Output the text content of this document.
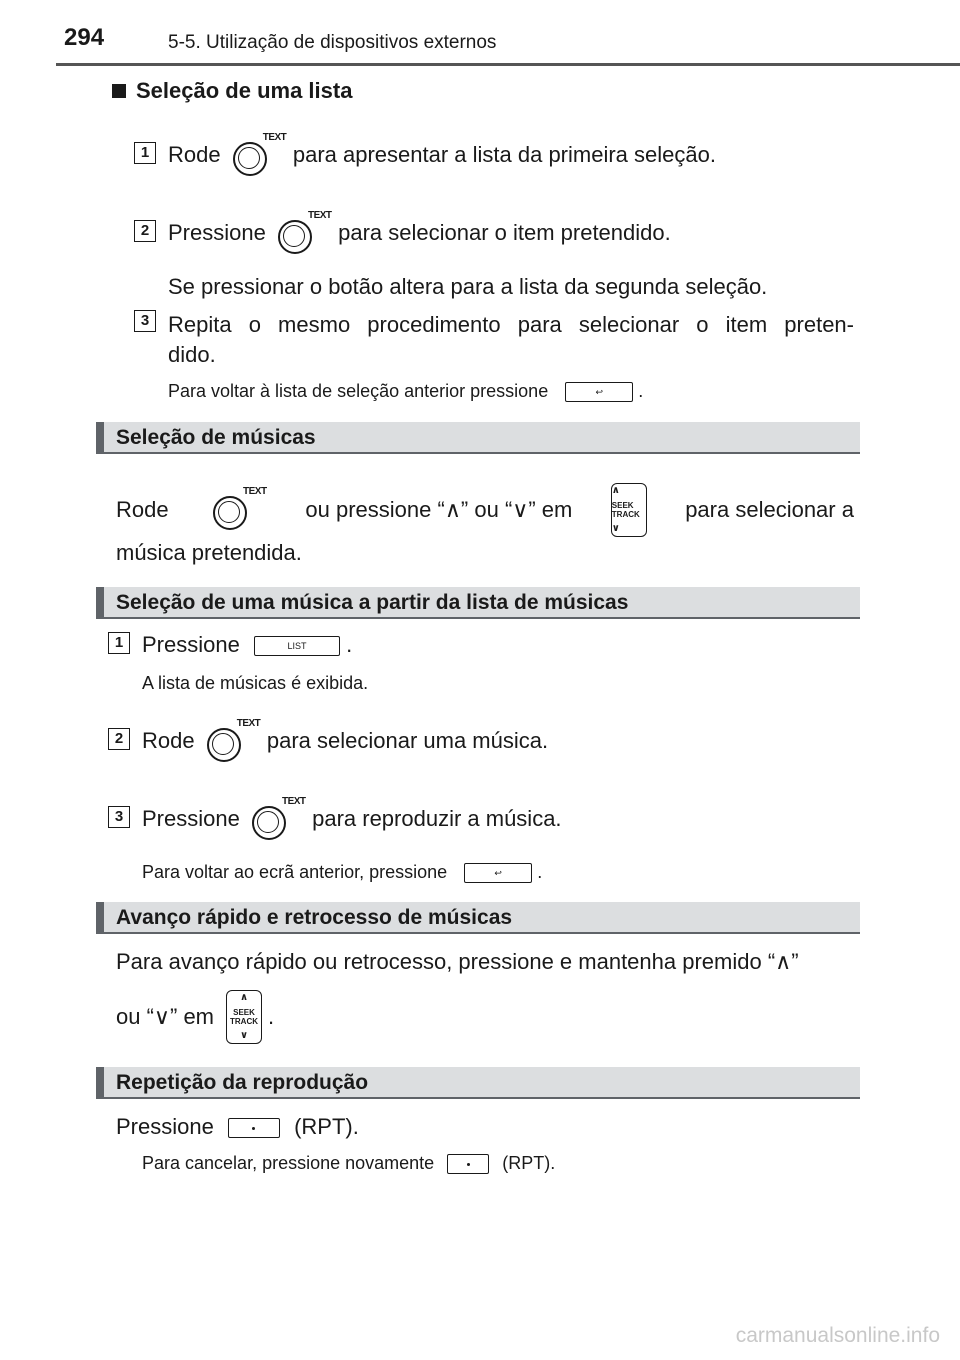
294	5-5. Utilização de dispositivos externos
Seleção de uma lista
1 Rode
TEXT
para apresentar a lista da primeira seleção.
2 Pressione
TEXT
para selecionar o item pretendido.
Se pressionar o botão altera para a lista da segunda seleção.
3 Repita o mesmo procedimento para selecionar o item preten-
dido.
Para voltar à lista de seleção anterior pressione	↩ .
Seleção de músicas
Rode
TEXT
ou pressione “∧” ou “∨” em
∧
SEEK
TRACK
∨
para selecionar a
música pretendida.
Seleção de uma música a partir da lista de músicas
1 Pressione	LIST .
A lista de músicas é exibida.
2 Rode
TEXT
para selecionar uma música.
3 Pressione
TEXT
para reproduzir a música.
Para voltar ao ecrã anterior, pressione	↩ .
Avanço rápido e retrocesso de músicas
Para avanço rápido ou retrocesso, pressione e mantenha premido “∧”
ou “∨” em
∧
SEEK
TRACK
∨
.
Repetição da reprodução
Pressione	(RPT).
Para cancelar, pressione novamente	(RPT).
carmanualsonline.info
